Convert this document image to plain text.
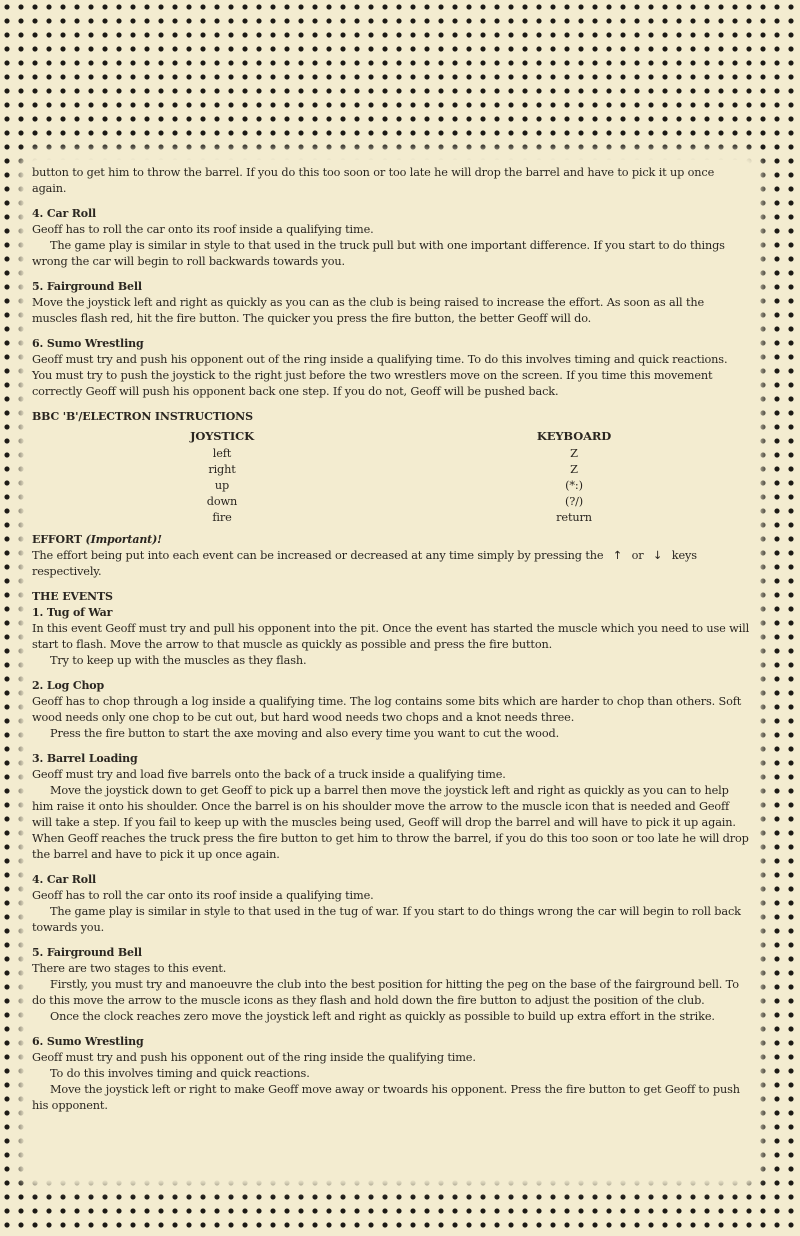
button to get him to throw the barrel. If you do this too soon or too late he will drop the barrel and have to pick it up once again.

4. Car Roll

Geoff has to roll the car onto its roof inside a qualifying time.

The game play is similar in style to that used in the truck pull but with one important difference. If you start to do things wrong the car will begin to roll backwards towards you.

5. Fairground Bell

Move the joystick left and right as quickly as you can as the club is being raised to increase the effort. As soon as all the muscles flash red, hit the fire button. The quicker you press the fire button, the better Geoff will do.

6. Sumo Wrestling

Geoff must try and push his opponent out of the ring inside a qualifying time. To do this involves timing and quick reactions. You must try to push the joystick to the right just before the two wrestlers move on the screen. If you time this movement correctly Geoff will push his opponent back one step. If you do not, Geoff will be pushed back.

BBC 'B'/ELECTRON INSTRUCTIONS

JOYSTICK
left
right
up
down
fire
KEYBOARD
Z
Z
(*:)
(?/)
return

EFFORT (Important)!

The effort being put into each event can be increased or decreased at any time simply by pressing the ↑ or ↓ keys respectively.

THE EVENTS

1. Tug of War

In this event Geoff must try and pull his opponent into the pit. Once the event has started the muscle which you need to use will start to flash. Move the arrow to that muscle as quickly as possible and press the fire button.

Try to keep up with the muscles as they flash.

2. Log Chop

Geoff has to chop through a log inside a qualifying time. The log contains some bits which are harder to chop than others. Soft wood needs only one chop to be cut out, but hard wood needs two chops and a knot needs three.

Press the fire button to start the axe moving and also every time you want to cut the wood.

3. Barrel Loading

Geoff must try and load five barrels onto the back of a truck inside a qualifying time.

Move the joystick down to get Geoff to pick up a barrel then move the joystick left and right as quickly as you can to help him raise it onto his shoulder. Once the barrel is on his shoulder move the arrow to the muscle icon that is needed and Geoff will take a step. If you fail to keep up with the muscles being used, Geoff will drop the barrel and will have to pick it up again. When Geoff reaches the truck press the fire button to get him to throw the barrel, if you do this too soon or too late he will drop the barrel and have to pick it up once again.

4. Car Roll

Geoff has to roll the car onto its roof inside a qualifying time.

The game play is similar in style to that used in the tug of war. If you start to do things wrong the car will begin to roll back towards you.

5. Fairground Bell

There are two stages to this event.

Firstly, you must try and manoeuvre the club into the best position for hitting the peg on the base of the fairground bell. To do this move the arrow to the muscle icons as they flash and hold down the fire button to adjust the position of the club.

Once the clock reaches zero move the joystick left and right as quickly as possible to build up extra effort in the strike.

6. Sumo Wrestling

Geoff must try and push his opponent out of the ring inside the qualifying time.

To do this involves timing and quick reactions.

Move the joystick left or right to make Geoff move away or twoards his opponent. Press the fire button to get Geoff to push his opponent.
